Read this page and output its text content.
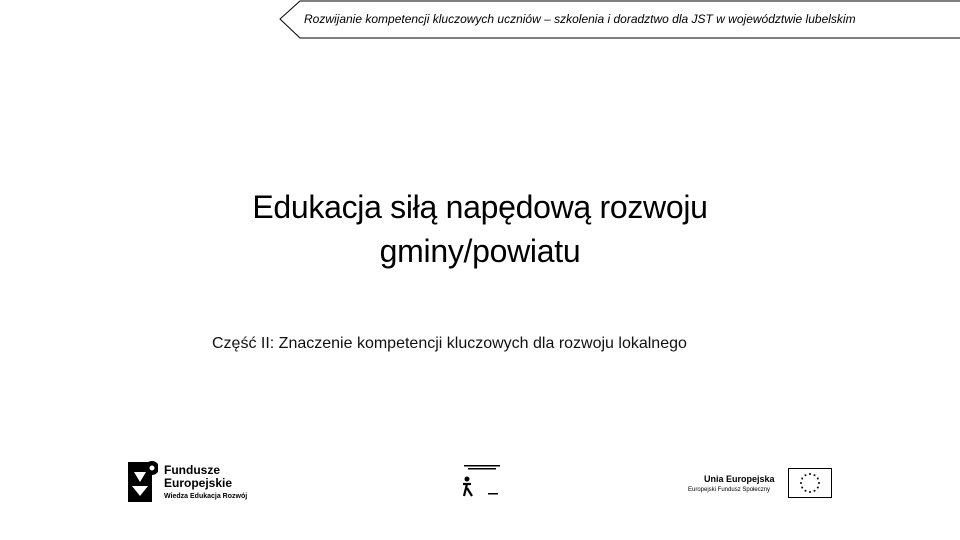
Rozwijanie kompetencji kluczowych uczniów – szkolenia i doradztwo dla JST w województwie lubelskim
Edukacja siłą napędową rozwoju
gminy/powiatu
Część II: Znaczenie kompetencji kluczowych dla rozwoju lokalnego
Fundusze
Europejskie
Wiedza Edukacja Rozwój
Unia Europejska
Europejski Fundusz Społeczny
